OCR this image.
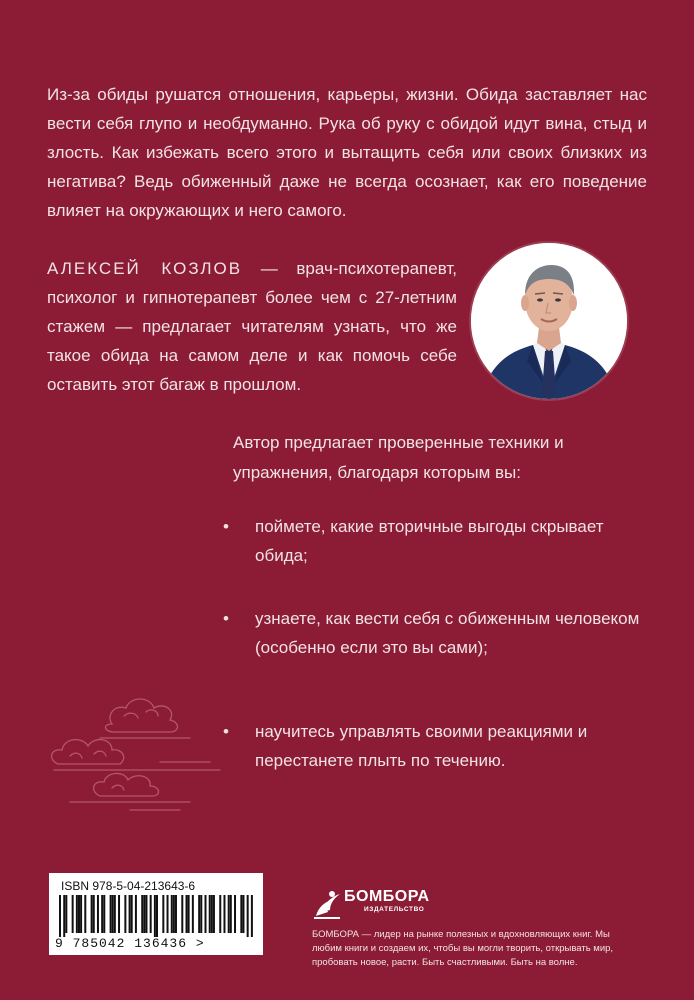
Из-за обиды рушатся отношения, карьеры, жизни. Обида заставляет нас вести себя глупо и необдуманно. Рука об руку с обидой идут вина, стыд и злость. Как избежать всего этого и вытащить себя или своих близких из негатива? Ведь обиженный даже не всегда осознает, как его поведение влияет на окружающих и него самого.

АЛЕКСЕЙ КОЗЛОВ — врач-психотерапевт, психолог и гипнотерапевт более чем с 27-летним стажем — предлагает читателям узнать, что же такое обида на самом деле и как помочь себе оставить этот багаж в прошлом.

Автор предлагает проверенные техники и упражнения, благодаря которым вы:

• поймете, какие вторичные выгоды скрывает обида;
• узнаете, как вести себя с обиженным человеком (особенно если это вы сами);
• научитесь управлять своими реакциями и перестанете плыть по течению.
ISBN 978-5-04-213643-6
9 785042 136436 >
БОМБОРА
ИЗДАТЕЛЬСТВО

БОМБОРА — лидер на рынке полезных и вдохновляющих книг. Мы любим книги и создаем их, чтобы вы могли творить, открывать мир, пробовать новое, расти. Быть счастливыми. Быть на волне.
